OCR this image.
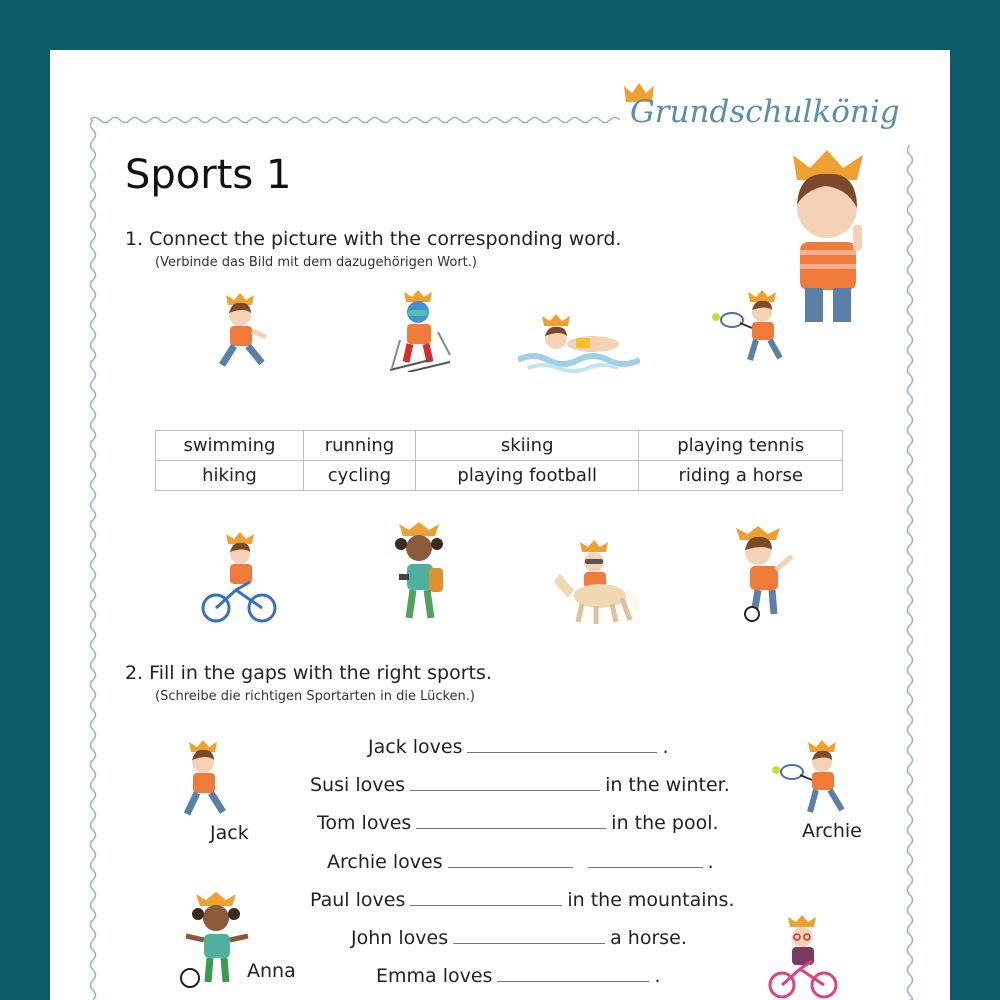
Grundschulkönig
Sports 1
1. Connect the picture with the corresponding word.
(Verbinde das Bild mit dem dazugehörigen Wort.)
swimming	running	skiing	playing tennis
hiking	cycling	playing football	riding a horse
2. Fill in the gaps with the right sports.
(Schreibe die richtigen Sportarten in die Lücken.)
Jack
Anna
Archie
Jack loves	.
Susi loves	in the winter.
Tom loves	in the pool.
Archie loves	.
Paul loves	in the mountains.
John loves	a horse.
Emma loves	.
